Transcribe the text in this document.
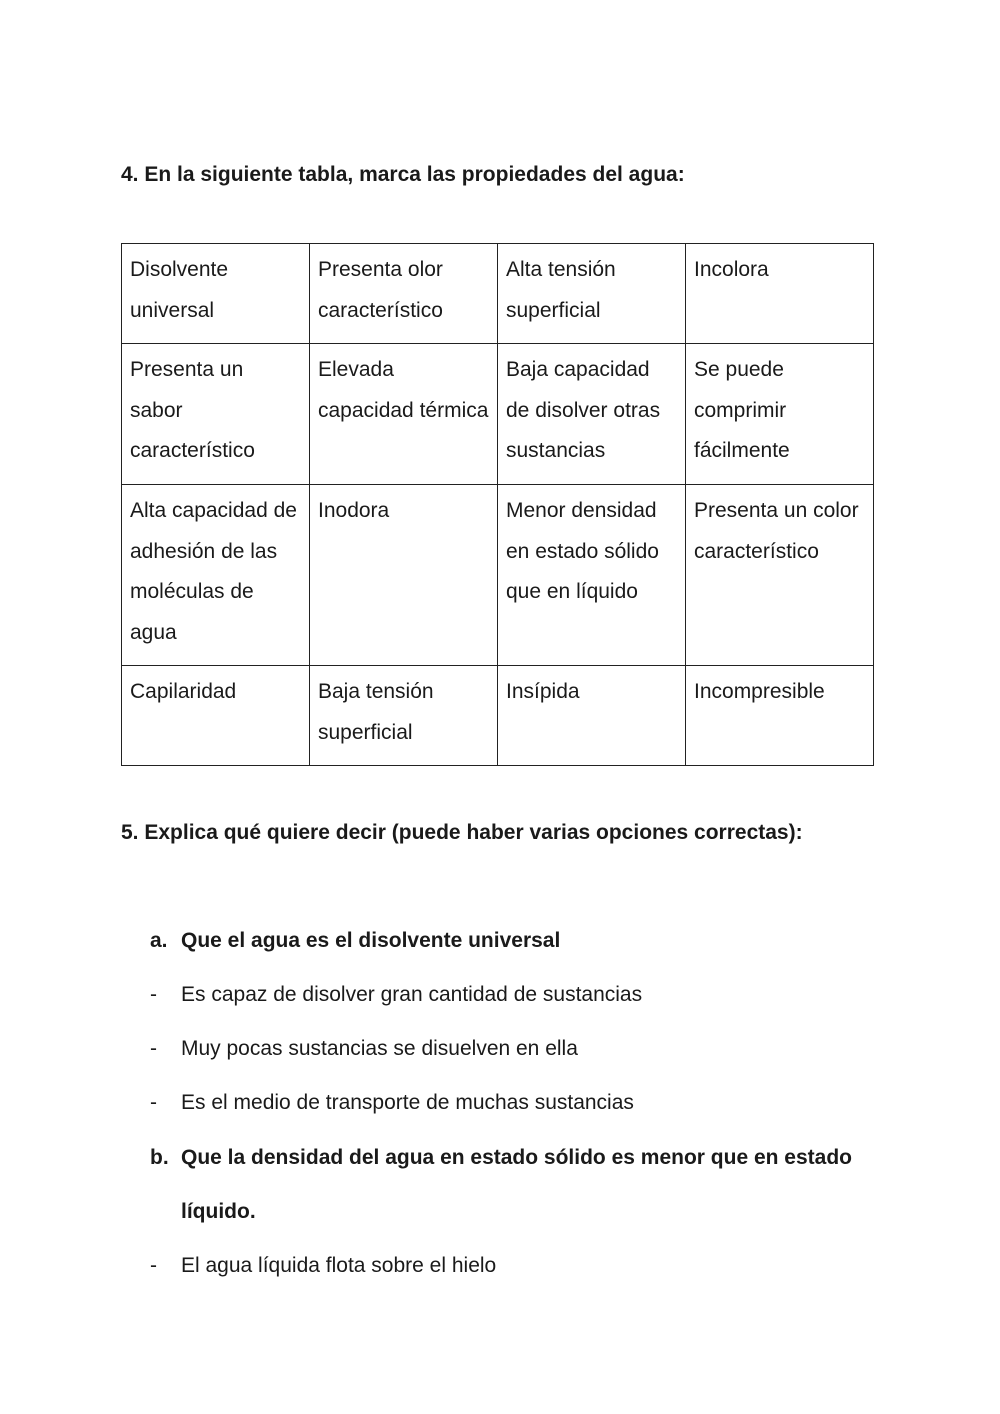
4. En la siguiente tabla, marca las propiedades del agua:
Disolvente universal	Presenta olor característico	Alta tensión superficial	Incolora
Presenta un sabor característico	Elevada capacidad térmica	Baja capacidad de disolver otras sustancias	Se puede comprimir fácilmente
Alta capacidad de adhesión de las moléculas de agua	Inodora	Menor densidad en estado sólido que en líquido	Presenta un color característico
Capilaridad	Baja tensión superficial	Insípida	Incompresible
5. Explica qué quiere decir (puede haber varias opciones correctas):
a. Que el agua es el disolvente universal
-	Es capaz de disolver gran cantidad de sustancias
-	Muy pocas sustancias se disuelven en ella
-	Es el medio de transporte de muchas sustancias
b. Que la densidad del agua en estado sólido es menor que en estado líquido.
-	El agua líquida flota sobre el hielo
